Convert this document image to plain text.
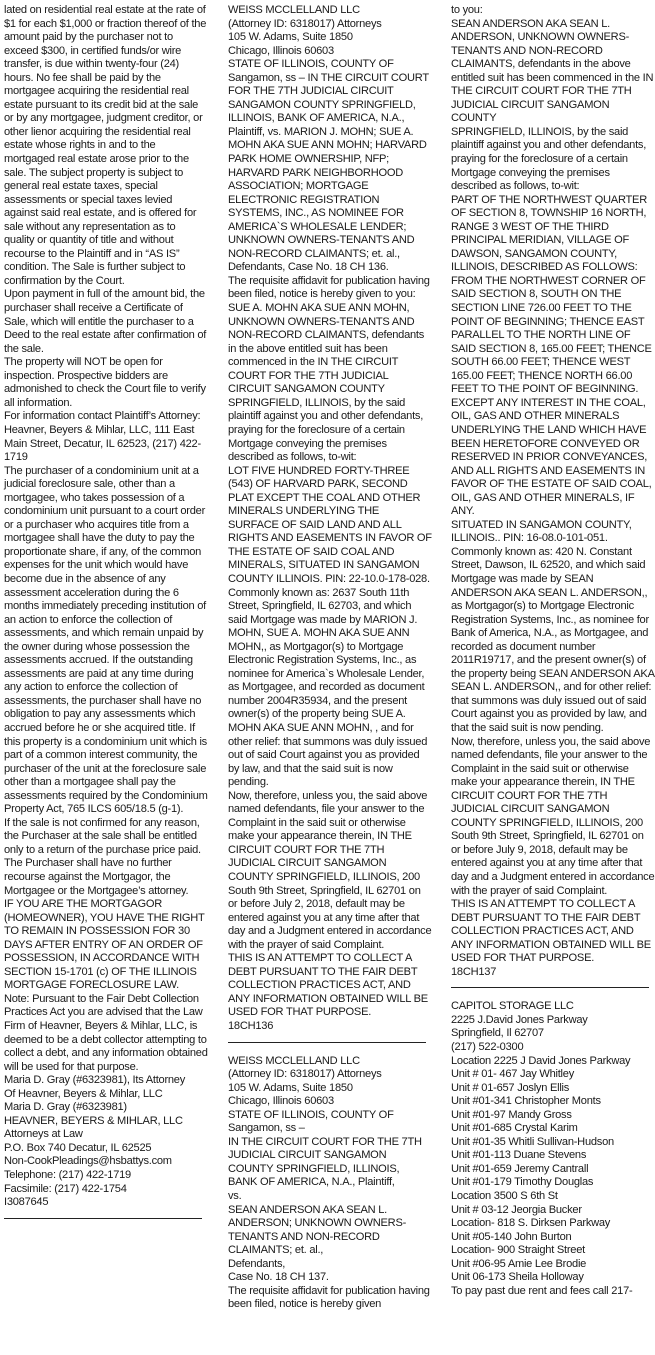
lated on residential real estate at the rate of $1 for each $1,000 or fraction thereof of the amount paid by the purchaser not to exceed $300, in certified funds/or wire transfer, is due within twenty-four (24) hours. No fee shall be paid by the mortgagee acquiring the residential real estate pursuant to its credit bid at the sale or by any mortgagee, judgment creditor, or other lienor acquiring the residential real estate whose rights in and to the mortgaged real estate arose prior to the sale. The subject property is subject to general real estate taxes, special assessments or special taxes levied against said real estate, and is offered for sale without any representation as to quality or quantity of title and without recourse to the Plaintiff and in “AS IS” condition. The Sale is further subject to confirmation by the Court.

Upon payment in full of the amount bid, the purchaser shall receive a Certificate of Sale, which will entitle the purchaser to a Deed to the real estate after confirmation of the sale.

The property will NOT be open for inspection. Prospective bidders are admonished to check the Court file to verify all information.

For information contact Plaintiff’s Attorney: Heavner, Beyers & Mihlar, LLC, 111 East Main Street, Decatur, IL 62523, (217) 422-1719

The purchaser of a condominium unit at a judicial foreclosure sale, other than a mortgagee, who takes possession of a condominium unit pursuant to a court order or a purchaser who acquires title from a mortgagee shall have the duty to pay the proportionate share, if any, of the common expenses for the unit which would have become due in the absence of any assessment acceleration during the 6 months immediately preceding institution of an action to enforce the collection of assessments, and which remain unpaid by the owner during whose possession the assessments accrued. If the outstanding assessments are paid at any time during any action to enforce the collection of assessments, the purchaser shall have no obligation to pay any assessments which accrued before he or she acquired title. If this property is a condominium unit which is part of a common interest community, the purchaser of the unit at the foreclosure sale other than a mortgagee shall pay the assessments required by the Condominium Property Act, 765 ILCS 605/18.5 (g-1).

If the sale is not confirmed for any reason, the Purchaser at the sale shall be entitled only to a return of the purchase price paid. The Purchaser shall have no further recourse against the Mortgagor, the Mortgagee or the Mortgagee’s attorney.

IF YOU ARE THE MORTGAGOR (HOMEOWNER), YOU HAVE THE RIGHT TO REMAIN IN POSSESSION FOR 30 DAYS AFTER ENTRY OF AN ORDER OF POSSESSION, IN ACCORDANCE WITH SECTION 15-1701 (c) OF THE ILLINOIS MORTGAGE FORECLOSURE LAW.

Note: Pursuant to the Fair Debt Collection Practices Act you are advised that the Law Firm of Heavner, Beyers & Mihlar, LLC, is deemed to be a debt collector attempting to collect a debt, and any information obtained will be used for that purpose.

Maria D. Gray (#6323981), Its Attorney
Of Heavner, Beyers & Mihlar, LLC
Maria D. Gray (#6323981)
HEAVNER, BEYERS & MIHLAR, LLC
Attorneys at Law
P.O. Box 740 Decatur, IL 62525
Non-CookPleadings@hsbattys.com
Telephone: (217) 422-1719
Facsimile: (217) 422-1754
I3087645
WEISS MCCLELLAND LLC
(Attorney ID: 6318017) Attorneys
105 W. Adams, Suite 1850
Chicago, Illinois 60603

STATE OF ILLINOIS, COUNTY OF Sangamon, ss – IN THE CIRCUIT COURT FOR THE 7TH JUDICIAL CIRCUIT SANGAMON COUNTY SPRINGFIELD, ILLINOIS, BANK OF AMERICA, N.A., Plaintiff, vs. MARION J. MOHN; SUE A. MOHN AKA SUE ANN MOHN; HARVARD PARK HOME OWNERSHIP, NFP; HARVARD PARK NEIGHBORHOOD ASSOCIATION; MORTGAGE ELECTRONIC REGISTRATION SYSTEMS, INC., AS NOMINEE FOR AMERICA`S WHOLESALE LENDER; UNKNOWN OWNERS-TENANTS AND NON-RECORD CLAIMANTS; et. al., Defendants, Case No. 18 CH 136.

The requisite affidavit for publication having been filed, notice is hereby given to you:

SUE A. MOHN AKA SUE ANN MOHN, UNKNOWN OWNERS-TENANTS AND NON-RECORD CLAIMANTS, defendants in the above entitled suit has been commenced in the IN THE CIRCUIT COURT FOR THE 7TH JUDICIAL CIRCUIT SANGAMON COUNTY SPRINGFIELD, ILLINOIS, by the said plaintiff against you and other defendants, praying for the foreclosure of a certain Mortgage conveying the premises described as follows, to-wit:

LOT FIVE HUNDRED FORTY-THREE (543) OF HARVARD PARK, SECOND PLAT EXCEPT THE COAL AND OTHER MINERALS UNDERLYING THE SURFACE OF SAID LAND AND ALL RIGHTS AND EASEMENTS IN FAVOR OF THE ESTATE OF SAID COAL AND MINERALS, SITUATED IN SANGAMON COUNTY ILLINOIS. PIN: 22-10.0-178-028. Commonly known as: 2637 South 11th Street, Springfield, IL 62703, and which said Mortgage was made by MARION J. MOHN, SUE A. MOHN AKA SUE ANN MOHN,, as Mortgagor(s) to Mortgage Electronic Registration Systems, Inc., as nominee for America`s Wholesale Lender, as Mortgagee, and recorded as document number 2004R35934, and the present owner(s) of the property being SUE A. MOHN AKA SUE ANN MOHN, , and for other relief: that summons was duly issued out of said Court against you as provided by law, and that the said suit is now pending.

Now, therefore, unless you, the said above named defendants, file your answer to the Complaint in the said suit or otherwise make your appearance therein, IN THE CIRCUIT COURT FOR THE 7TH JUDICIAL CIRCUIT SANGAMON COUNTY SPRINGFIELD, ILLINOIS, 200 South 9th Street, Springfield, IL 62701 on or before July 2, 2018, default may be entered against you at any time after that day and a Judgment entered in accordance with the prayer of said Complaint.

THIS IS AN ATTEMPT TO COLLECT A DEBT PURSUANT TO THE FAIR DEBT COLLECTION PRACTICES ACT, AND ANY INFORMATION OBTAINED WILL BE USED FOR THAT PURPOSE.

18CH136
WEISS MCCLELLAND LLC
(Attorney ID: 6318017) Attorneys
105 W. Adams, Suite 1850
Chicago, Illinois 60603

STATE OF ILLINOIS, COUNTY OF Sangamon, ss –

IN THE CIRCUIT COURT FOR THE 7TH JUDICIAL CIRCUIT SANGAMON COUNTY SPRINGFIELD, ILLINOIS,

BANK OF AMERICA, N.A., Plaintiff,

vs.

SEAN ANDERSON AKA SEAN L. ANDERSON; UNKNOWN OWNERS-TENANTS AND NON-RECORD CLAIMANTS; et. al.,

Defendants,

Case No. 18 CH 137.

The requisite affidavit for publication having been filed, notice is hereby given

to you:

SEAN ANDERSON AKA SEAN L. ANDERSON, UNKNOWN OWNERS-TENANTS AND NON-RECORD CLAIMANTS, defendants in the above entitled suit has been commenced in the IN THE CIRCUIT COURT FOR THE 7TH JUDICIAL CIRCUIT SANGAMON COUNTY

SPRINGFIELD, ILLINOIS, by the said plaintiff against you and other defendants, praying for the foreclosure of a certain Mortgage conveying the premises described as follows, to-wit:

PART OF THE NORTHWEST QUARTER OF SECTION 8, TOWNSHIP 16 NORTH, RANGE 3 WEST OF THE THIRD PRINCIPAL MERIDIAN, VILLAGE OF DAWSON, SANGAMON COUNTY, ILLINOIS, DESCRIBED AS FOLLOWS: FROM THE NORTHWEST CORNER OF SAID SECTION 8, SOUTH ON THE SECTION LINE 726.00 FEET TO THE POINT OF BEGINNING; THENCE EAST PARALLEL TO THE NORTH LINE OF SAID SECTION 8, 165.00 FEET; THENCE SOUTH 66.00 FEET; THENCE WEST 165.00 FEET; THENCE NORTH 66.00 FEET TO THE POINT OF BEGINNING.

EXCEPT ANY INTEREST IN THE COAL, OIL, GAS AND OTHER MINERALS UNDERLYING THE LAND WHICH HAVE BEEN HERETOFORE CONVEYED OR RESERVED IN PRIOR CONVEYANCES, AND ALL RIGHTS AND EASEMENTS IN FAVOR OF THE ESTATE OF SAID COAL, OIL, GAS AND OTHER MINERALS, IF ANY.

SITUATED IN SANGAMON COUNTY, ILLINOIS.. PIN: 16-08.0-101-051. Commonly known as: 420 N. Constant Street, Dawson, IL 62520, and which said Mortgage was made by SEAN ANDERSON AKA SEAN L. ANDERSON,, as Mortgagor(s) to Mortgage Electronic Registration Systems, Inc., as nominee for Bank of America, N.A., as Mortgagee, and recorded as document number 2011R19717, and the present owner(s) of the property being SEAN ANDERSON AKA SEAN L. ANDERSON,, and for other relief: that summons was duly issued out of said Court against you as provided by law, and that the said suit is now pending.

Now, therefore, unless you, the said above named defendants, file your answer to the Complaint in the said suit or otherwise make your appearance therein, IN THE CIRCUIT COURT FOR THE 7TH JUDICIAL CIRCUIT SANGAMON COUNTY SPRINGFIELD, ILLINOIS, 200 South 9th Street, Springfield, IL 62701 on or before July 9, 2018, default may be entered against you at any time after that day and a Judgment entered in accordance with the prayer of said Complaint.

THIS IS AN ATTEMPT TO COLLECT A DEBT PURSUANT TO THE FAIR DEBT COLLECTION PRACTICES ACT, AND ANY INFORMATION OBTAINED WILL BE USED FOR THAT PURPOSE.

18CH137
CAPITOL STORAGE LLC
2225 J.David Jones Parkway
Springfield, Il 62707
(217) 522-0300
Location 2225 J David Jones Parkway
Unit # 01- 467 Jay Whitley
Unit # 01-657 Joslyn Ellis
Unit #01-341 Christopher Monts
Unit #01-97 Mandy Gross
Unit #01-685 Crystal Karim
Unit #01-35 Whitli Sullivan-Hudson
Unit #01-113 Duane Stevens
Unit #01-659 Jeremy Cantrall
Unit #01-179 Timothy Douglas
Location 3500 S 6th St
Unit # 03-12 Jeorgia Bucker
Location- 818 S. Dirksen Parkway
Unit #05-140 John Burton
Location- 900 Straight Street
Unit #06-95 Amie Lee Brodie
Unit 06-173 Sheila Holloway
To pay past due rent and fees call 217-
